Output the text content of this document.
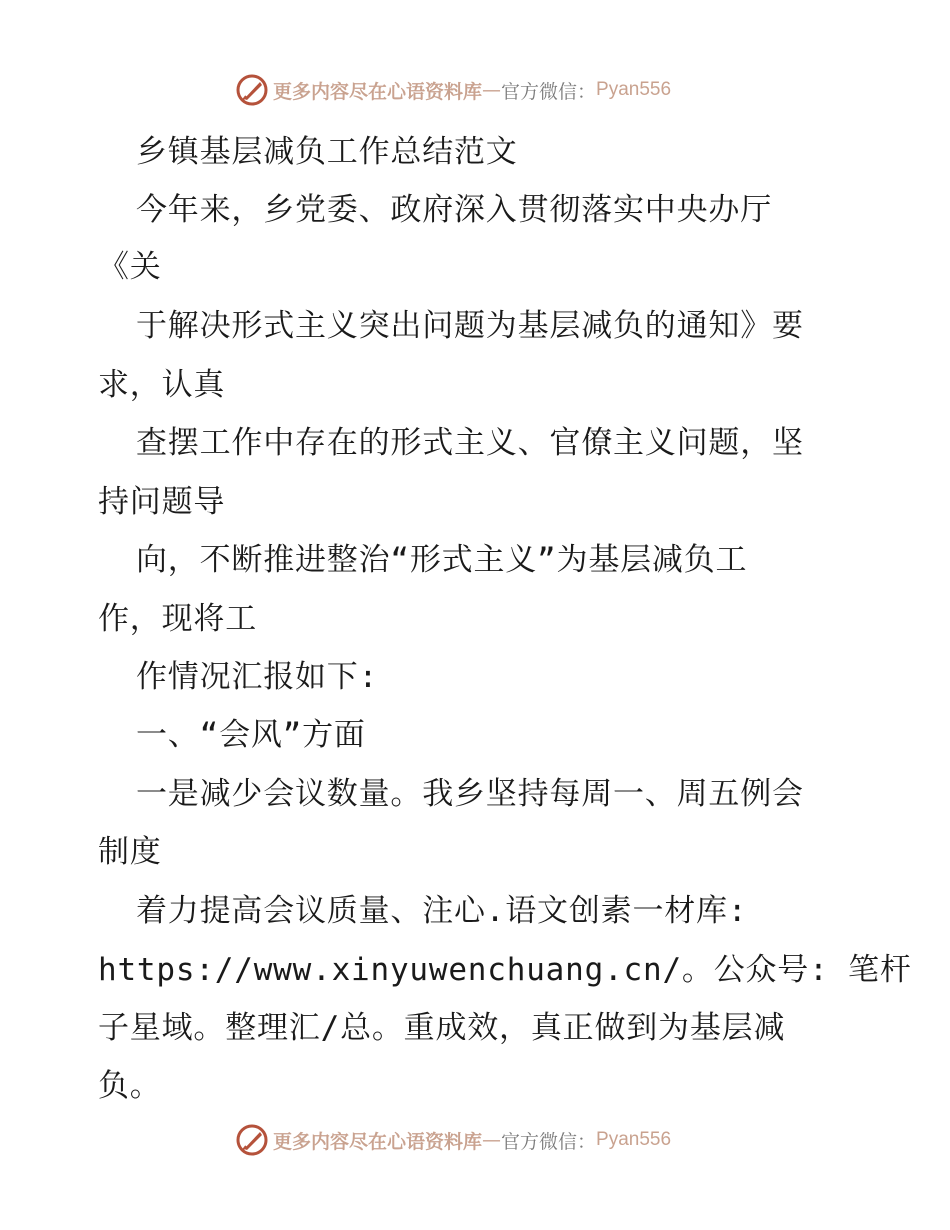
更多内容尽在心语资料库 — 官方微信： Pyan556
乡镇基层减负工作总结范文
今年来，乡党委、政府深入贯彻落实中央办厅
《关
于解决形式主义突出问题为基层减负的通知》要
求，认真
查摆工作中存在的形式主义、官僚主义问题，坚
持问题导
向，不断推进整治“形式主义”为基层减负工
作，现将工
作情况汇报如下:
一、“会风”方面
一是减少会议数量。我乡坚持每周一、周五例会
制度
着力提高会议质量、注心.语文创素一材库:
https://www.xinyuwenchuang.cn/。公众号: 笔杆
子星域。整理汇/总。重成效，真正做到为基层减
负。
更多内容尽在心语资料库 — 官方微信： Pyan556
